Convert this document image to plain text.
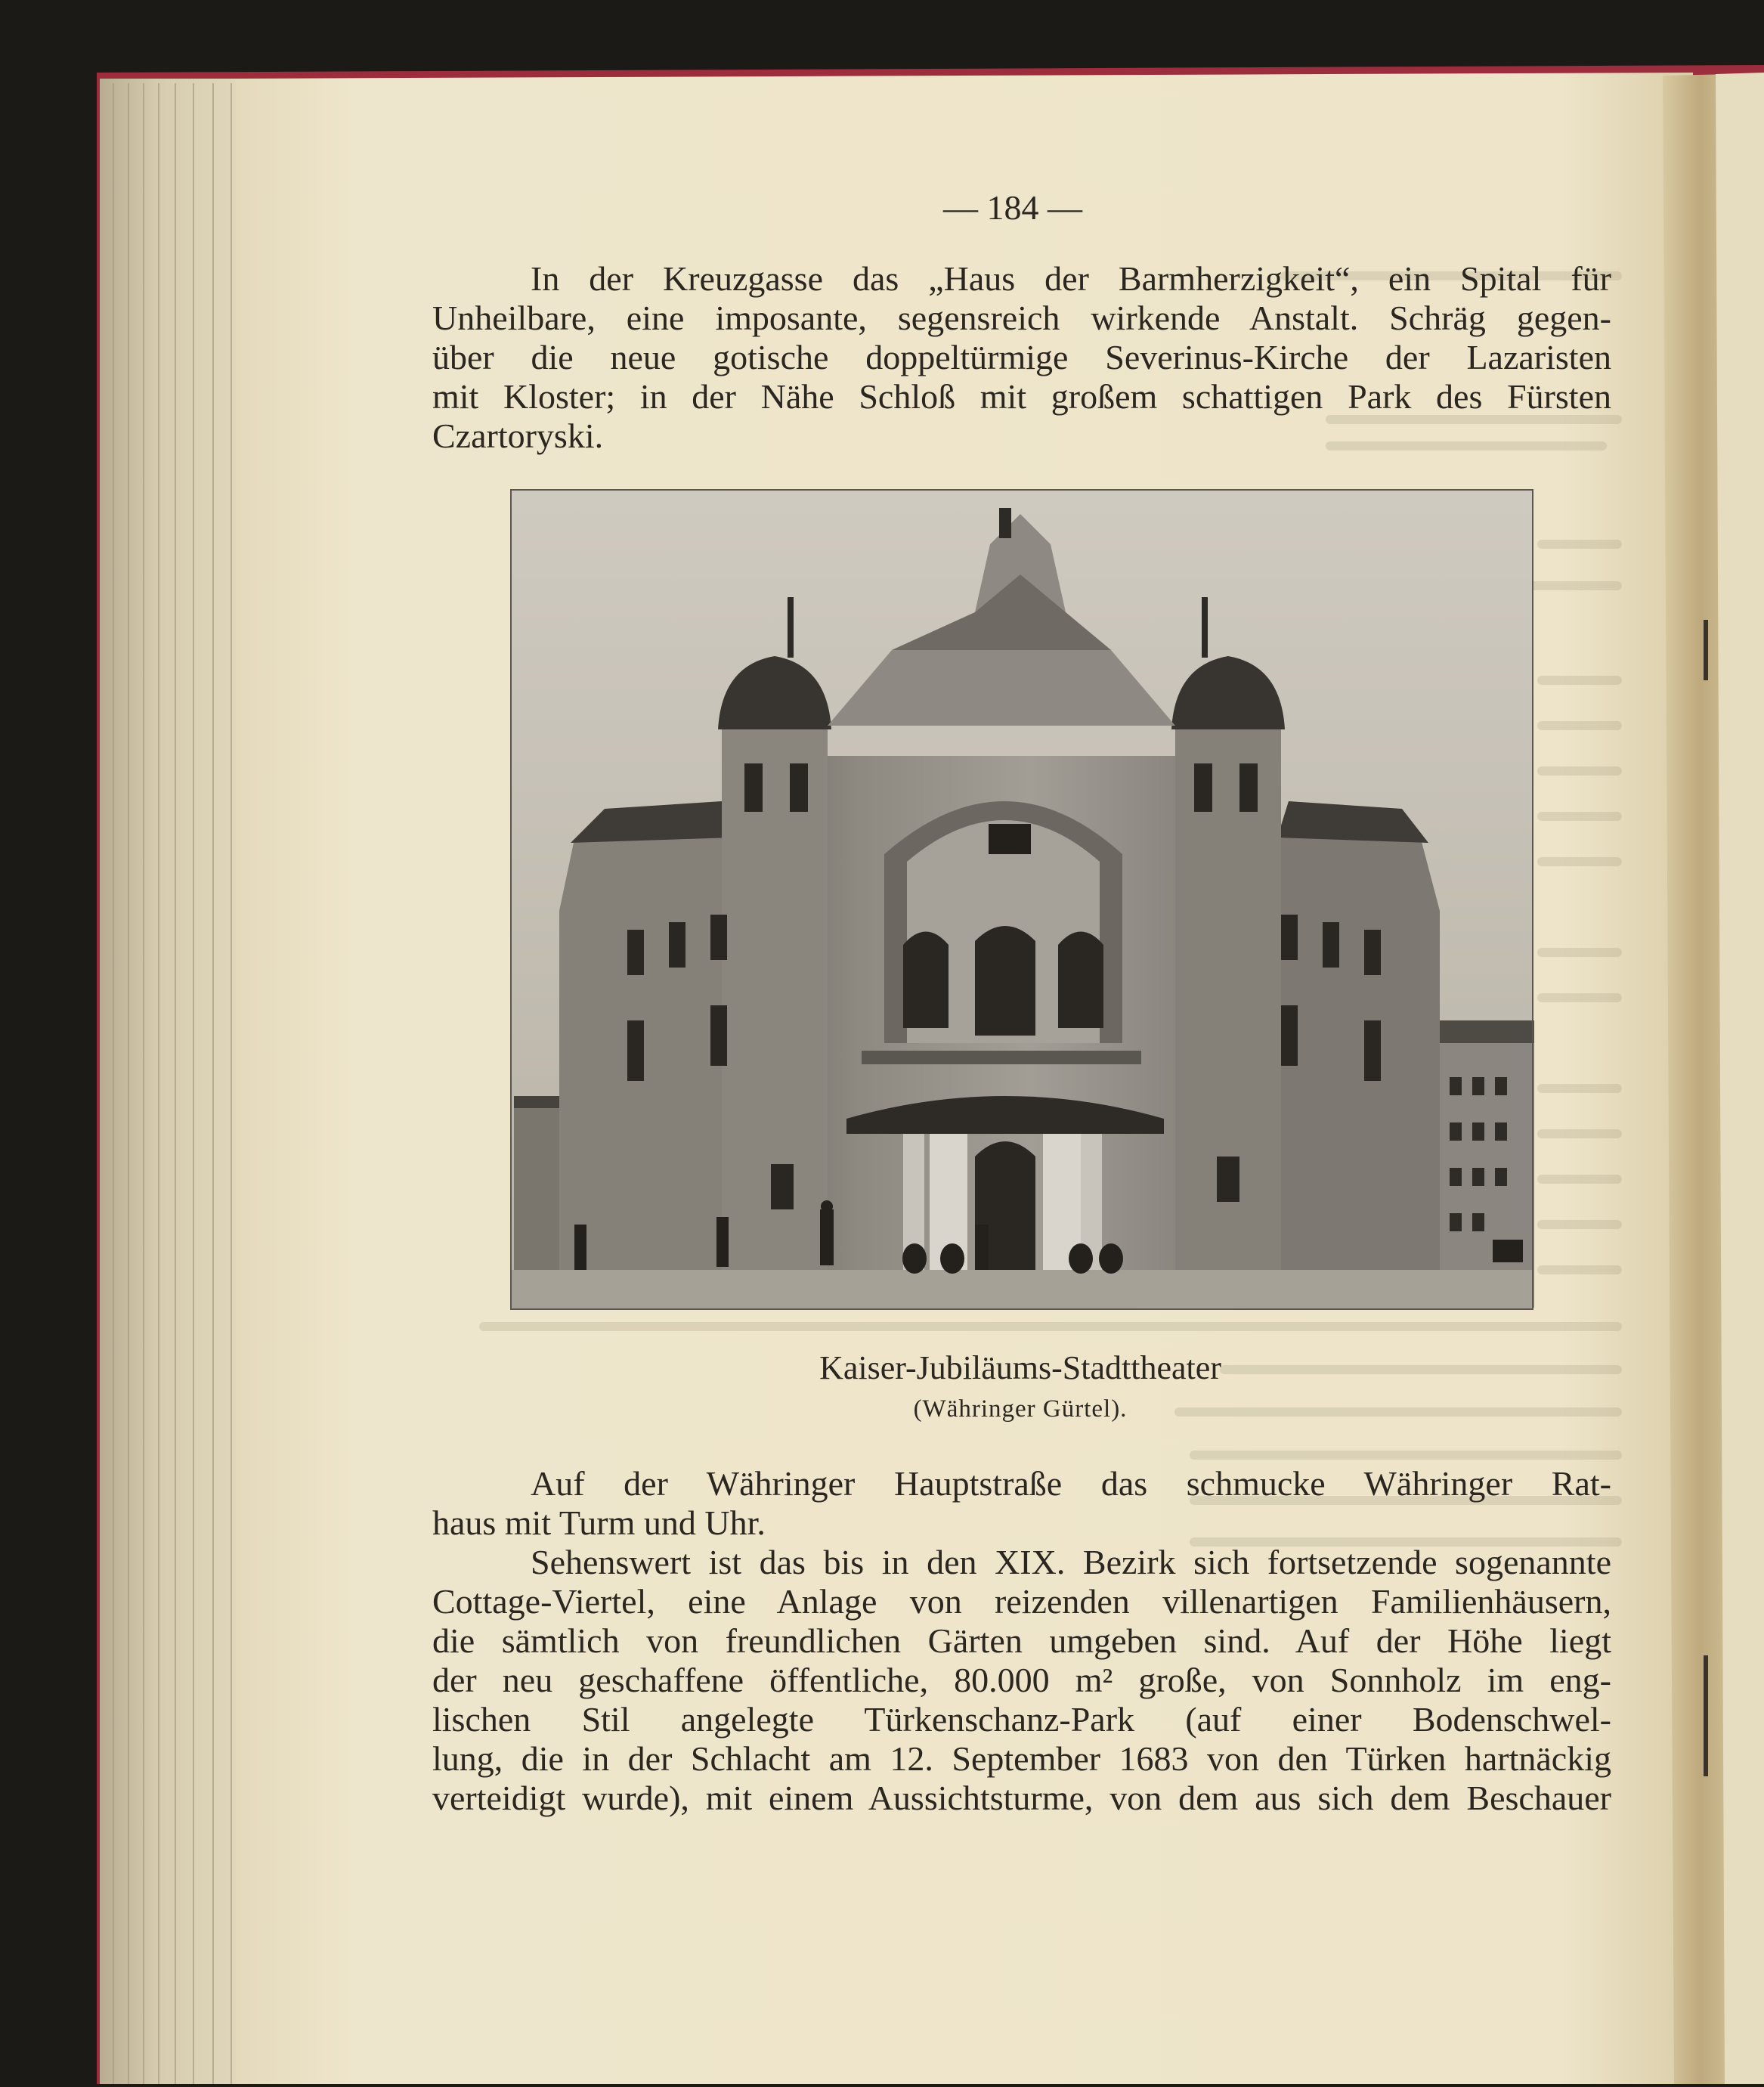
— 184 —
In der Kreuzgasse das „Haus der Barmherzigkeit“, ein Spital für
Unheilbare, eine imposante, segensreich wirkende Anstalt. Schräg gegen-
über die neue gotische doppeltürmige Severinus-Kirche der Lazaristen
mit Kloster; in der Nähe Schloß mit großem schattigen Park des Fürsten
Czartoryski.
Kaiser-Jubiläums-Stadttheater
(Währinger Gürtel).
Auf der Währinger Hauptstraße das schmucke Währinger Rat-
haus mit Turm und Uhr.
Sehenswert ist das bis in den XIX. Bezirk sich fortsetzende sogenannte
Cottage-Viertel, eine Anlage von reizenden villenartigen Familienhäusern,
die sämtlich von freundlichen Gärten umgeben sind. Auf der Höhe liegt
der neu geschaffene öffentliche, 80.000 m² große, von Sonnholz im eng-
lischen Stil angelegte Türkenschanz-Park (auf einer Bodenschwel-
lung, die in der Schlacht am 12. September 1683 von den Türken hartnäckig
verteidigt wurde), mit einem Aussichtsturme, von dem aus sich dem Beschauer
